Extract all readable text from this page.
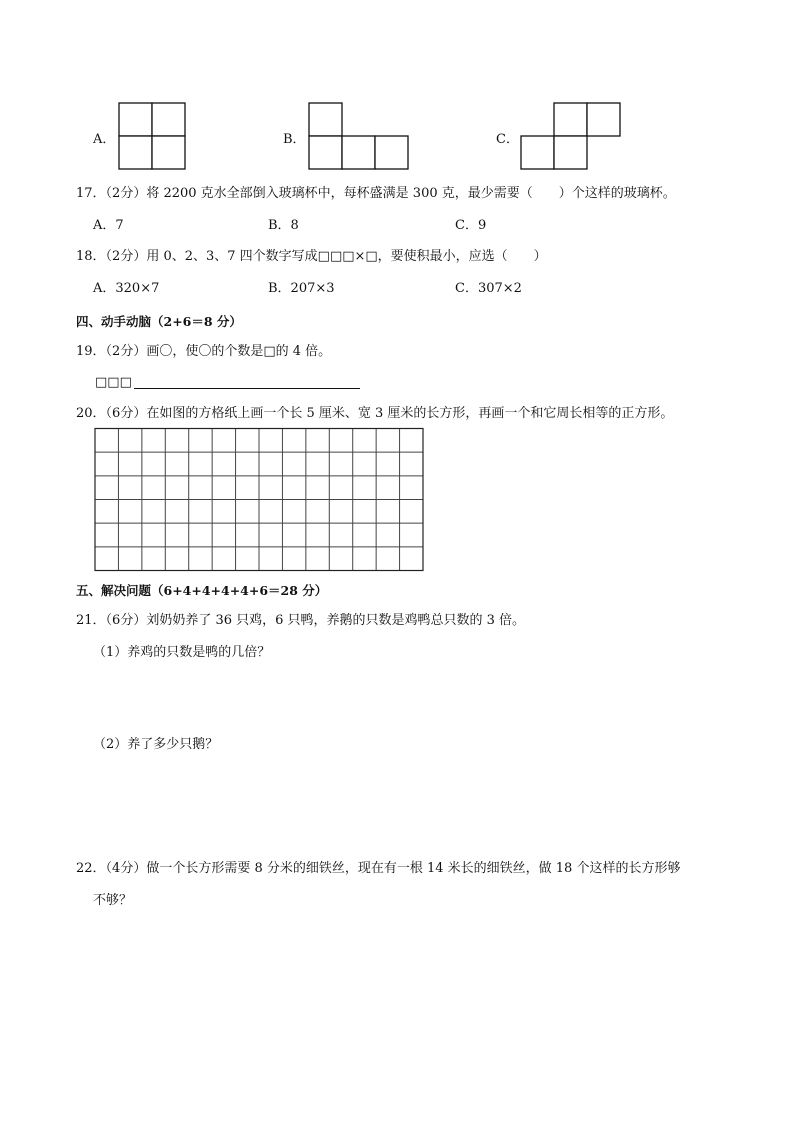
A．	B．	C．
17．（2分）将 2200 克水全部倒入玻璃杯中，每杯盛满是 300 克，最少需要（　　）个这样的玻璃杯。
A．7	B．8	C．9
18．（2分）用 0、2、3、7 四个数字写成□□□×□，要使积最小，应选（　　）
A．320×7	B．207×3	C．307×2
四、动手动脑（2+6＝8 分）
19．（2分）画〇，使〇的个数是□的 4 倍。
□□□
20．（6分）在如图的方格纸上画一个长 5 厘米、宽 3 厘米的长方形，再画一个和它周长相等的正方形。
五、解决问题（6+4+4+4+4+6＝28 分）
21．（6分）刘奶奶养了 36 只鸡，6 只鸭，养鹅的只数是鸡鸭总只数的 3 倍。
（1）养鸡的只数是鸭的几倍？
（2）养了多少只鹅？
22．（4分）做一个长方形需要 8 分米的细铁丝，现在有一根 14 米长的细铁丝，做 18 个这样的长方形够
不够？
